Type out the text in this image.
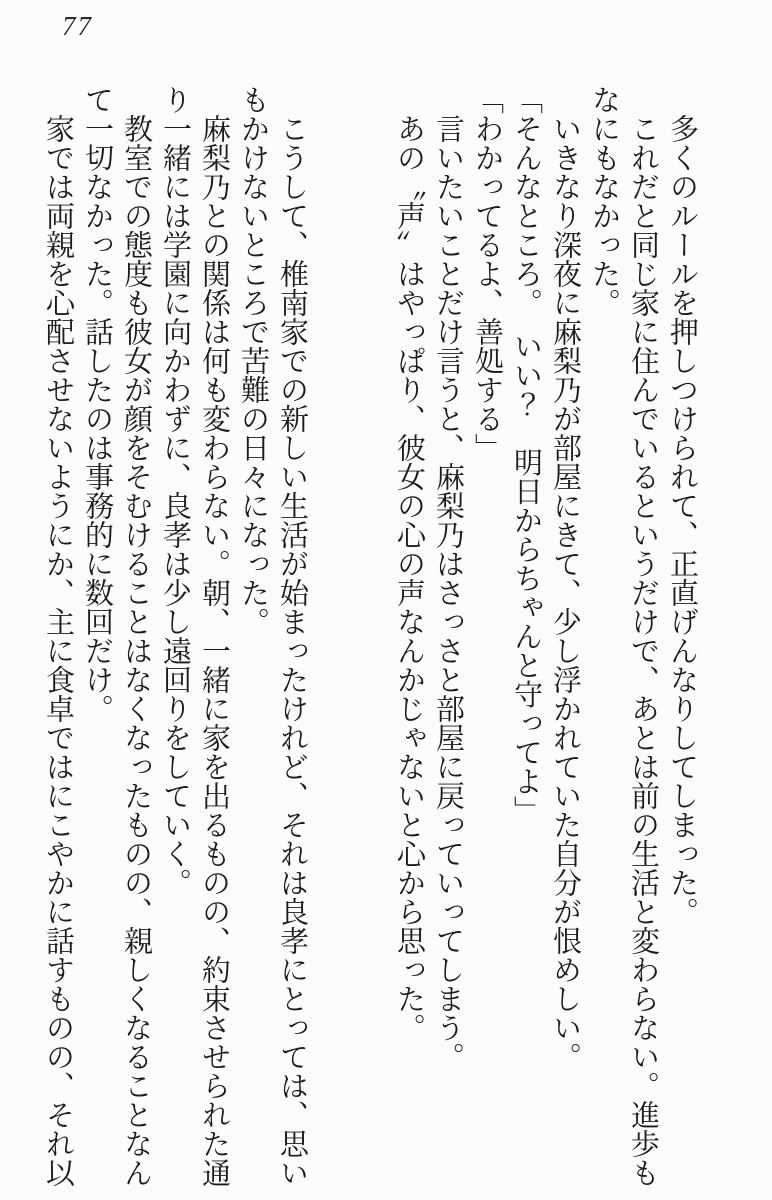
77

多くのルールを押しつけられて、正直げんなりしてしまった。

これだと同じ家に住んでいるというだけで、あとは前の生活と変わらない。進歩もなにもなかった。

いきなり深夜に麻梨乃が部屋にきて、少し浮かれていた自分が恨めしい。

「そんなところ。　いい？　明日からちゃんと守ってよ」

「わかってるよ、善処する」

言いたいことだけ言うと、麻梨乃はさっさと部屋に戻っていってしまう。

あの〝声〟はやっぱり、彼女の心の声なんかじゃないと心から思った。

こうして、椎南家での新しい生活が始まったけれど、それは良孝にとっては、思いもかけないところで苦難の日々になった。

麻梨乃との関係は何も変わらない。朝、一緒に家を出るものの、約束させられた通り一緒には学園に向かわずに、良孝は少し遠回りをしていく。

教室での態度も彼女が顔をそむけることはなくなったものの、親しくなることなんて一切なかった。話したのは事務的に数回だけ。

家では両親を心配させないようにか、主に食卓ではにこやかに話すものの、それ以
